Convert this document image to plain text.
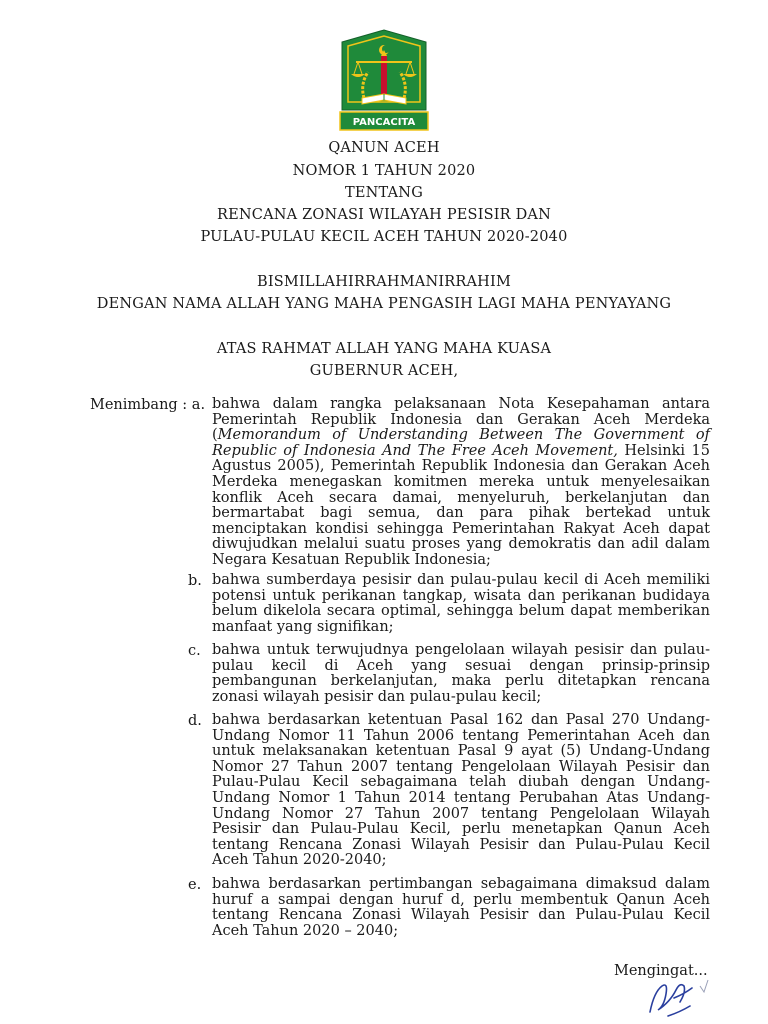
PANCACITA
QANUN ACEH
NOMOR 1 TAHUN 2020
TENTANG
RENCANA ZONASI WILAYAH PESISIR DAN
PULAU-PULAU KECIL ACEH TAHUN 2020-2040
BISMILLAHIRRAHMANIRRAHIM
DENGAN NAMA ALLAH YANG MAHA PENGASIH LAGI MAHA PENYAYANG
ATAS RAHMAT ALLAH YANG MAHA KUASA
GUBERNUR ACEH,
Menimbang : a. bahwa dalam rangka pelaksanaan Nota Kesepahaman antara Pemerintah Republik Indonesia dan Gerakan Aceh Merdeka (Memorandum of Understanding Between The Government of Republic of Indonesia And The Free Aceh Movement, Helsinki 15 Agustus 2005), Pemerintah Republik Indonesia dan Gerakan Aceh Merdeka menegaskan komitmen mereka untuk menyelesaikan konflik Aceh secara damai, menyeluruh, berkelanjutan dan bermartabat bagi semua, dan para pihak bertekad untuk menciptakan kondisi sehingga Pemerintahan Rakyat Aceh dapat diwujudkan melalui suatu proses yang demokratis dan adil dalam Negara Kesatuan Republik Indonesia;
b. bahwa sumberdaya pesisir dan pulau-pulau kecil di Aceh memiliki potensi untuk perikanan tangkap, wisata dan perikanan budidaya belum dikelola secara optimal, sehingga belum dapat memberikan manfaat yang signifikan;
c. bahwa untuk terwujudnya pengelolaan wilayah pesisir dan pulau-pulau kecil di Aceh yang sesuai dengan prinsip-prinsip pembangunan berkelanjutan, maka perlu ditetapkan rencana zonasi wilayah pesisir dan pulau-pulau kecil;
d. bahwa berdasarkan ketentuan Pasal 162 dan Pasal 270 Undang-Undang Nomor 11 Tahun 2006 tentang Pemerintahan Aceh dan untuk melaksanakan ketentuan Pasal 9 ayat (5) Undang-Undang Nomor 27 Tahun 2007 tentang Pengelolaan Wilayah Pesisir dan Pulau-Pulau Kecil sebagaimana telah diubah dengan Undang-Undang Nomor 1 Tahun 2014 tentang Perubahan Atas Undang-Undang Nomor 27 Tahun 2007 tentang Pengelolaan Wilayah Pesisir dan Pulau-Pulau Kecil, perlu menetapkan Qanun Aceh tentang Rencana Zonasi Wilayah Pesisir dan Pulau-Pulau Kecil Aceh Tahun 2020-2040;
e. bahwa berdasarkan pertimbangan sebagaimana dimaksud dalam huruf a sampai dengan huruf d, perlu membentuk Qanun Aceh tentang Rencana Zonasi Wilayah Pesisir dan Pulau-Pulau Kecil Aceh Tahun 2020 – 2040;
Mengingat...
